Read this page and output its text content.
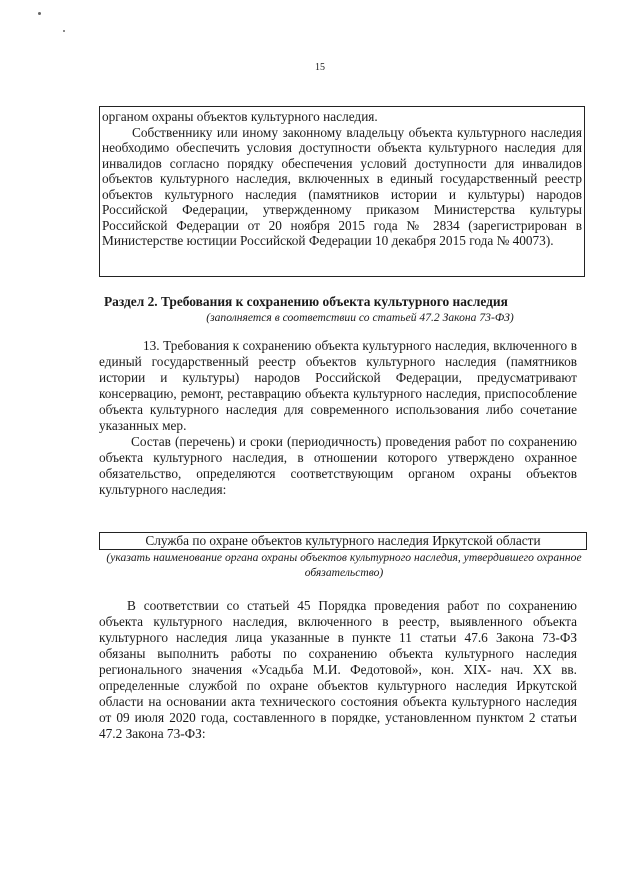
15

органом охраны объектов культурного наследия.

Собственнику или иному законному владельцу объекта культурного наследия необходимо обеспечить условия доступности объекта культурного наследия для инвалидов согласно порядку обеспечения условий доступности для инвалидов объектов культурного наследия, включенных в единый государственный реестр объектов культурного наследия (памятников истории и культуры) народов Российской Федерации, утвержденному приказом Министерства культуры Российской Федерации от 20 ноября 2015 года № 2834 (зарегистрирован в Министерстве юстиции Российской Федерации 10 декабря 2015 года № 40073).

Раздел 2. Требования к сохранению объекта культурного наследия
(заполняется в соответствии со статьей 47.2 Закона 73-ФЗ)

13. Требования к сохранению объекта культурного наследия, включенного в единый государственный реестр объектов культурного наследия (памятников истории и культуры) народов Российской Федерации, предусматривают консервацию, ремонт, реставрацию объекта культурного наследия, приспособление объекта культурного наследия для современного использования либо сочетание указанных мер.

Состав (перечень) и сроки (периодичность) проведения работ по сохранению объекта культурного наследия, в отношении которого утверждено охранное обязательство, определяются соответствующим органом охраны объектов культурного наследия:

Служба по охране объектов культурного наследия Иркутской области
(указать наименование органа охраны объектов культурного наследия, утвердившего охранное обязательство)

В соответствии со статьей 45 Порядка проведения работ по сохранению объекта культурного наследия, включенного в реестр, выявленного объекта культурного наследия лица указанные в пункте 11 статьи 47.6 Закона 73-ФЗ обязаны выполнить работы по сохранению объекта культурного наследия регионального значения «Усадьба М.И. Федотовой», кон. XIX- нач. XX вв. определенные службой по охране объектов культурного наследия Иркутской области на основании акта технического состояния объекта культурного наследия от 09 июля 2020 года, составленного в порядке, установленном пунктом 2 статьи 47.2 Закона 73-ФЗ:
